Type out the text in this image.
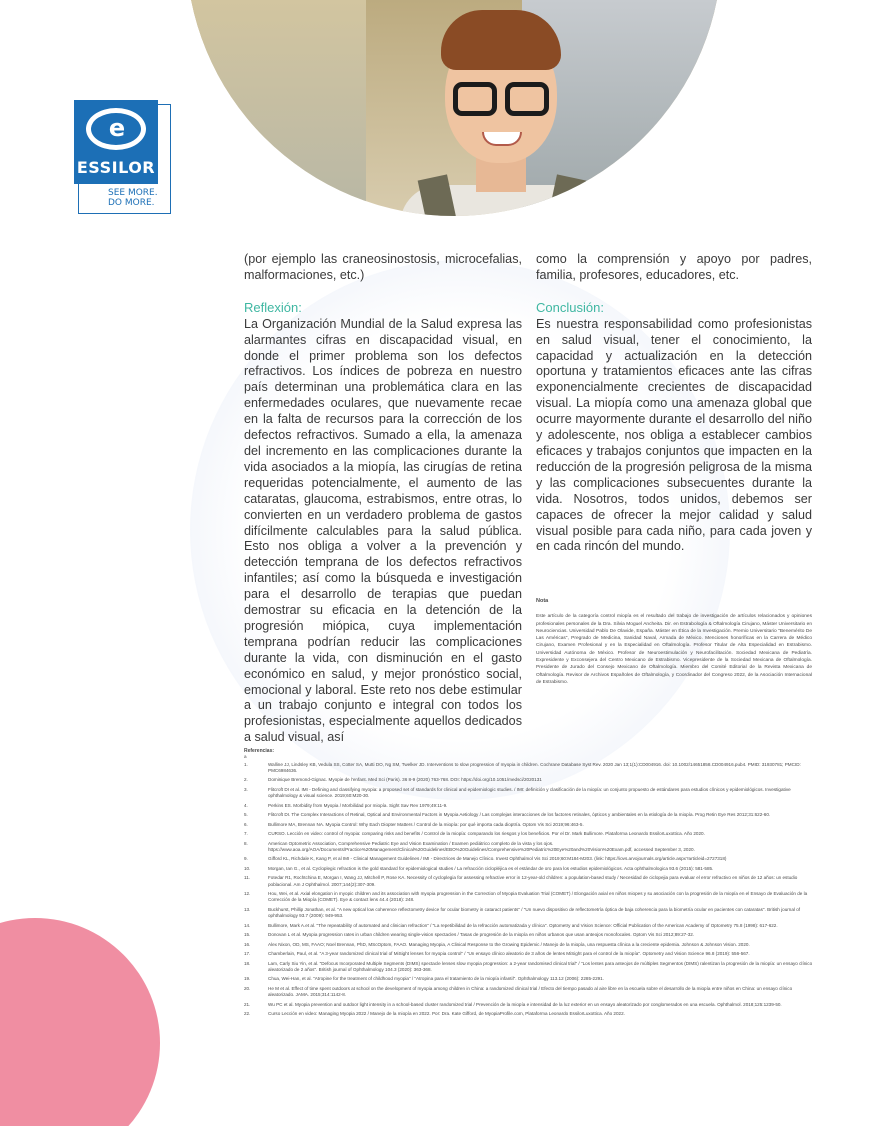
e
ESSILOR
SEE MORE.
DO MORE.

(por ejemplo las craneosinostosis, microcefalias, malformaciones, etc.)

Reflexión:

La Organización Mundial de la Salud expresa las alarmantes cifras en discapacidad visual, en donde el primer problema son los defectos refractivos. Los índices de pobreza en nuestro país determinan una problemática clara en las enfermedades oculares, que nuevamente recae en la falta de recursos para la corrección de los defectos refractivos. Sumado a ella, la amenaza del incremento en las complicaciones durante la vida asociados a la miopía, las cirugías de retina requeridas potencialmente, el aumento de las cataratas, glaucoma, estrabismos, entre otras, lo convierten en un verdadero problema de gastos difícilmente calculables para la salud pública. Esto nos obliga a volver a la prevención y detección temprana de los defectos refractivos infantiles; así como la búsqueda e investigación para el desarrollo de terapias que puedan demostrar su eficacia en la detención de la progresión miópica, cuya implementación temprana podrían reducir las complicaciones durante la vida, con disminución en el gasto económico en salud, y mejor pronóstico social, emocional y laboral. Este reto nos debe estimular a un trabajo conjunto e integral con todos los profesionistas, especialmente aquellos dedicados a salud visual, así

como la comprensión y apoyo por padres, familia, profesores, educadores, etc.

Conclusión:

Es nuestra responsabilidad como profesionistas en salud visual, tener el conocimiento, la capacidad y actualización en la detección oportuna y tratamientos eficaces ante las cifras exponencialmente crecientes de discapacidad visual. La miopía como una amenaza global que ocurre mayormente durante el desarrollo del niño y adolescente, nos obliga a establecer cambios eficaces y trabajos conjuntos que impacten en la reducción de la progresión peligrosa de la misma y las complicaciones subsecuentes durante la vida. Nosotros, todos unidos, debemos ser capaces de ofrecer la mejor calidad y salud visual posible para cada niño, para cada joven y en cada rincón del mundo.

Nota
Este artículo de la categoría control miopía es el resultado del trabajo de investigación de artículos relacionados y opiniones profesionales personales de la Dra. Silvia Moguel Ancheita. Dir. en Estrabología & Oftalmología Cirujano, Máster Universitario en Neurociencias. Universidad Pablo De Olavide, España. Máster en Ética de la Investigación. Premio Universitario "Benemérito De Las Américas", Pregrado de Medicina, Sanidad Naval, Armada de México. Menciones honoríficas en la Carrera de Médico Cirujano, Examen Profesional y en la Especialidad en Oftalmología. Profesor Titular de Alta Especialidad en Estrabismo. Universidad Autónoma de México. Profesor de Neuroestimulación y Neurofacilitación. Sociedad Mexicana de Pediatría. Expresidente y Exconsejera del Centro Mexicano de Estrabismo. Vicepresidente de la Sociedad Mexicana de Oftalmología. Presidente de Jurado del Consejo Mexicano de Oftalmología. Miembro del Comité Editorial de la Revista Mexicana de Oftalmología. Revisor de Archivos Españoles de Oftalmología, y Coordinador del Congreso 2022, de la Asociación Internacional de Estrabismo.
Referencias:
a
1.	Walline JJ, Lindsley KB, Vedula SS, Cotter SA, Mutti DO, Ng SM, Twelker JD. Interventions to slow progression of myopia in children. Cochrane Database Syst Rev. 2020 Jan 13;1(1):CD004916. doi: 10.1002/14651858.CD004916.pub4. PMID: 31930781; PMCID: PMC6984636.
2.	Dominique Bremond-Gignac. Myopie de l'enfant. Med Sci (Paris). 36 8-9 (2020) 763-768. DOI: https://doi.org/10.1051/medsci/2020131
3.	Flitcroft DI et al. IMI - Defining and classifying myopia: a proposed set of standards for clinical and epidemiologic studies. / IMI: definición y clasificación de la miopía: un conjunto propuesto de estándares para estudios clínicos y epidemiológicos. Investigative ophthalmology & visual science. 2019;60:M20-30.
4.	Perkins ES. Morbidity from Myopia / Morbilidad por miopía. Sight Sav Rev 1979;49:11-9.
5.	Flitcroft DI. The Complex Interactions of Retinal, Optical and Environmental Factors in Myopia Aetiology / Las complejas interacciones de los factores retinales, ópticos y ambientales en la etiología de la miopía. Prog Retin Eye Res 2012;31:622-60.
6.	Bullimore MA, Brennan NA. Myopia Control: Why Each Diopter Matters / Control de la miopía: por qué importa cada dioptría. Optom Vis Sci 2019;96:463-5.
7.	CURSO. Lección en video: control of myopia: comparing risks and benefits / Control de la miopía: comparando los riesgos y los beneficios. Por el Dr. Mark Bullimore. Plataforma Leonardo EssilorLuxottica. Año 2020.
8.	American Optometric Association, Comprehensive Pediatric Eye and Vision Examination / Examen pediátrico completo de la vista y los ojos. https://www.aoa.org/AOA/Documents/Practice%20Management/Clinical%20Guidelines/EBO%20Guidelines/Comprehensive%20Pediatric%20Eye%20and%20Vision%20Exam.pdf, accessed September 3, 2020.
9.	Gifford KL, Richdale K, Kang P, et al IMI - Clinical Management Guidelines / IMI - Directrices de Manejo Clínico. Invest Ophthalmol Vis Sci 2019;60:M184-M203. (link: https://iovs.arvojournals.org/article.aspx?articleid=2727318)
10.	Morgan, Ian G., et al. Cycloplegic refraction is the gold standard for epidemiological studies / La refracción ciclopléjica es el estándar de oro para los estudios epidemiológicos. Acta ophthalmologica 93.6 (2015): 581-585.
11.	Fotedar R1, Rochtchina E, Morgan I, Wang JJ, Mitchell P, Rose KA. Necessity of cycloplegia for assessing refractive error in 12-year-old children: a population-based study / Necesidad de ciclopejia para evaluar el error refractivo en niños de 12 años: un estudio poblacional. Am J Ophthalmol. 2007;144(2):307-309.
12.	Hou, Wei, et al. Axial elongation in myopic children and its association with myopia progression in the Correction of Myopia Evaluation Trial (COMET) / Elongación axial en niños miopes y su asociación con la progresión de la miopía en el Ensayo de Evaluación de la Corrección de la Miopía (COMET). Eye & contact lens 44.4 (2018): 248.
13.	Buckhurst, Phillip Jonathan, et al. "A new optical low coherence reflectometry device for ocular biometry in cataract patients" / "Un nuevo dispositivo de reflectometría óptica de baja coherencia para la biometría ocular en pacientes con cataratas". British journal of ophthalmology 93.7 (2009): 949-953.
14.	Bullimore, Mark A.et al. "The repeatability of automated and clinician refraction" / "La repetibilidad de la refracción automatizada y clínica". Optometry and Vision Science: Official Publication of the American Academy of Optometry 75.8 (1998): 617-622.
15.	Donovan L et al. Myopia progression rates in urban children wearing single-vision spectacles / Tasas de progresión de la miopía en niños urbanos que usan anteojos monofocales. Optom Vis Sci 2012;89:27-32.
16.	Alex Nixon, OD, MS, FAAO; Noel Brennan, PhD, MScOptom, FAAO. Managing Myopia, A Clinical Response to the Growing Epidemic / Manejo de la miopía, una respuesta clínica a la creciente epidemia. Johnson & Johnson Vision. 2020.
17.	Chamberlain, Paul, et al. "A 3-year randomized clinical trial of MiSight lenses for myopia control" / "Un ensayo clínico aleatorio de 3 años de lentes MiSight para el control de la miopía". Optometry and Vision Science 96.8 (2019): 556-567.
18.	Lam, Carly Siu Yin, et al. "Defocus Incorporated Multiple Segments (DIMS) spectacle lenses slow myopia progression: a 2-year randomised clinical trial" / "Los lentes para anteojos de múltiples Segmentos (DIMS) ralentizan la progresión de la miopía: un ensayo clínico aleatorizado de 2 años". British journal of Ophthalmology 104.3 (2020): 363-368.
19.	Chua, Wei-Han, et al. "Atropine for the treatment of childhood myopia" / "Atropina para el tratamiento de la miopía infantil". Ophthalmology 113.12 (2006): 2285-2291.
20.	He M et al. Effect of time spent outdoors at school on the development of myopia among children in China: a randomized clinical trial / Efecto del tiempo pasado al aire libre en la escuela sobre el desarrollo de la miopía entre niños en China: un ensayo clínico aleatorizado. JAMA. 2015;314:1142-8.
21.	Wu PC et al. Myopia prevention and outdoor light intensity in a school-based cluster randomized trial / Prevención de la miopía e intensidad de la luz exterior en un ensayo aleatorizado por conglomerados en una escuela. Ophthalmol. 2018;125:1239-50.
22.	Curso Lección en video: Managing Myopia 2022 / Manejo de la miopía en 2022. Por: Dra. Kate Gifford, de MyopiaProfile.com, Plataforma Leonardo EssilorLuxottica. Año 2022.
